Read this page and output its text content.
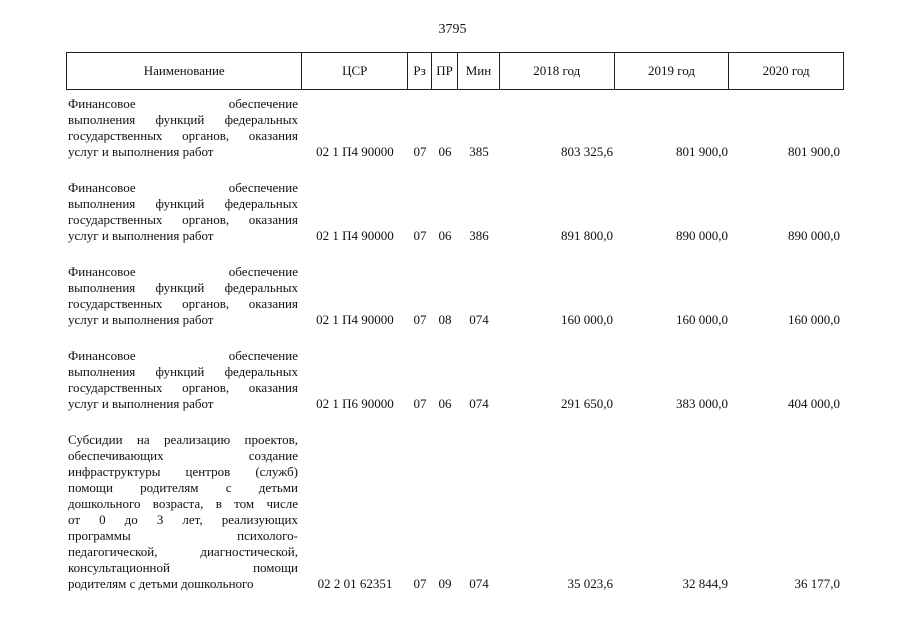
3795
Наименование	ЦСР	Рз ПР Мин	2018 год	2019 год	2020 год
Финансовое обеспечение
выполнения функций федеральных
государственных органов, оказания
услуг и выполнения работ	02 1 П4 90000	07 06	385	803 325,6	801 900,0	801 900,0
Финансовое обеспечение
выполнения функций федеральных
государственных органов, оказания
услуг и выполнения работ	02 1 П4 90000	07 06	386	891 800,0	890 000,0	890 000,0
Финансовое обеспечение
выполнения функций федеральных
государственных органов, оказания
услуг и выполнения работ	02 1 П4 90000	07 08	074	160 000,0	160 000,0	160 000,0
Финансовое обеспечение
выполнения функций федеральных
государственных органов, оказания
услуг и выполнения работ	02 1 П6 90000	07 06	074	291 650,0	383 000,0	404 000,0
Субсидии на реализацию проектов,
обеспечивающих создание
инфраструктуры центров (служб)
помощи родителям с детьми
дошкольного возраста, в том числе
от 0 до 3 лет, реализующих
программы психолого-
педагогической, диагностической,
консультационной помощи
родителям с детьми дошкольного	02 2 01 62351	07 09	074	35 023,6	32 844,9	36 177,0
